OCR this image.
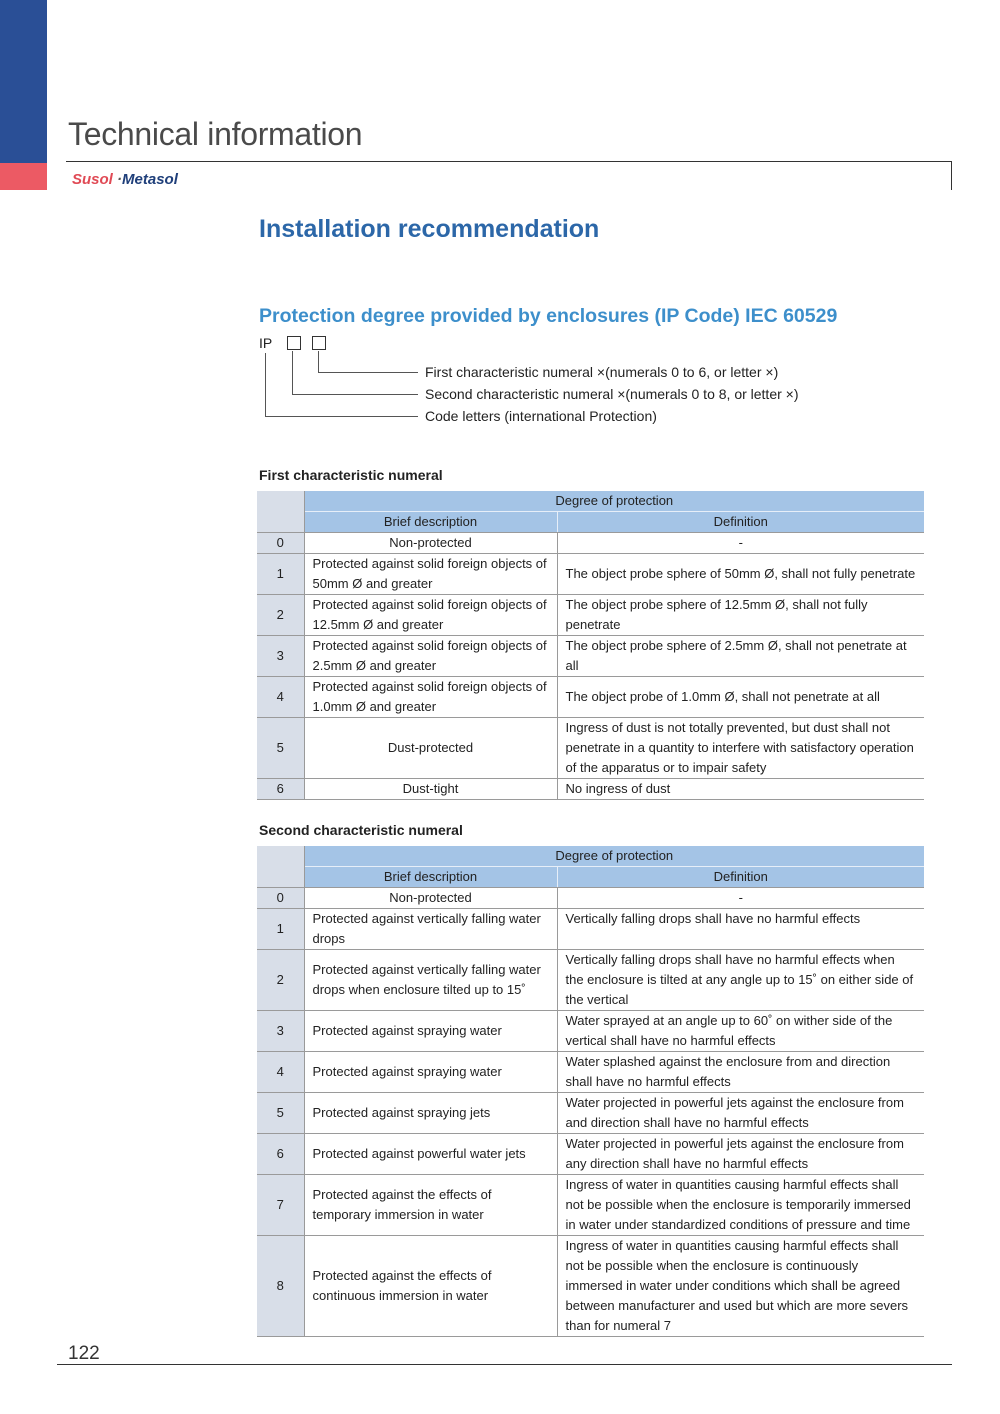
Technical information
Susol ·Metasol
Installation recommendation
Protection degree provided by enclosures (IP Code) IEC 60529
IP
First characteristic numeral ×(numerals 0 to 6, or letter ×)
Second characteristic numeral ×(numerals 0 to 8, or letter ×)
Code letters (international Protection)
First characteristic numeral
	Degree of protection	
	Brief description	Definition
0	Non-protected	-
1	Protected against solid foreign objects of 50mm Ø and greater	The object probe sphere of 50mm Ø, shall not fully penetrate
2	Protected against solid foreign objects of 12.5mm Ø and greater	The object probe sphere of 12.5mm Ø, shall not fully penetrate
3	Protected against solid foreign objects of 2.5mm Ø and greater	The object probe sphere of 2.5mm Ø, shall not penetrate at all
4	Protected against solid foreign objects of 1.0mm Ø and greater	The object probe of 1.0mm Ø, shall not penetrate at all
5	Dust-protected	Ingress of dust is not totally prevented, but dust shall not penetrate in a quantity to interfere with satisfactory operation of the apparatus or to impair safety
6	Dust-tight	No ingress of dust
Second characteristic numeral
	Degree of protection	
	Brief description	Definition
0	Non-protected	-
1	Protected against vertically falling water drops	Vertically falling drops shall have no harmful effects
2	Protected against vertically falling water drops when enclosure tilted up to 15˚	Vertically falling drops shall have no harmful effects when the enclosure is tilted at any angle up to 15˚ on either side of the vertical
3	Protected against spraying water	Water sprayed at an angle up to 60˚ on wither side of the vertical shall have no harmful effects
4	Protected against spraying water	Water splashed against the enclosure from and direction shall have no harmful effects
5	Protected against spraying jets	Water projected in powerful jets against the enclosure from and direction shall have no harmful effects
6	Protected against powerful water jets	Water projected in powerful jets against the enclosure from any direction shall have no harmful effects
7	Protected against the effects of temporary immersion in water	Ingress of water in quantities causing harmful effects shall not be possible when the enclosure is temporarily immersed in water under standardized conditions of pressure and time
8	Protected against the effects of continuous immersion in water	Ingress of water in quantities causing harmful effects shall not be possible when the enclosure is continuously immersed in water under conditions which shall be agreed between manufacturer and used but which are more severs than for numeral 7
122
